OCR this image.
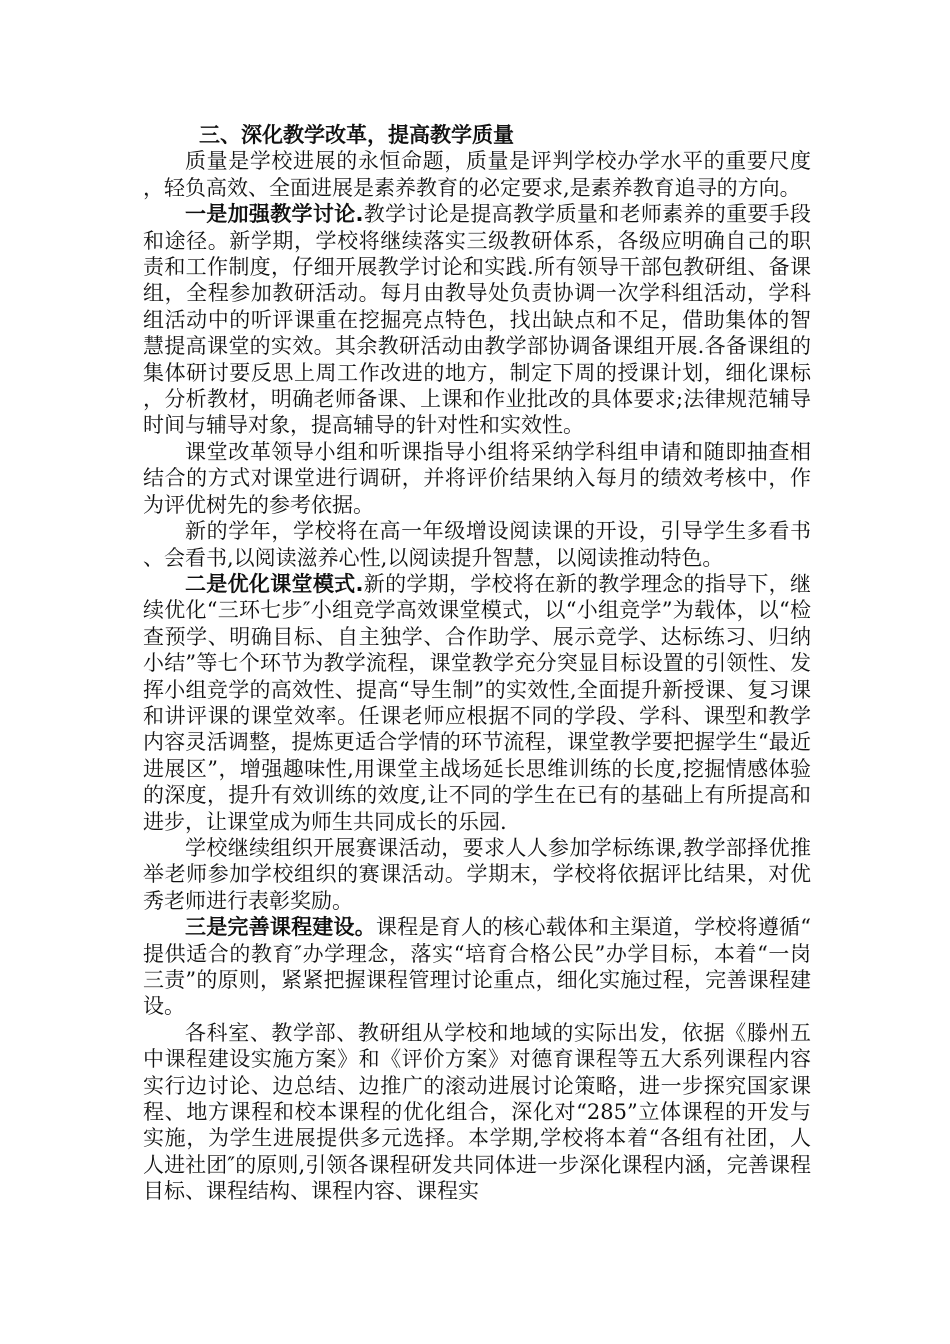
三、深化教学改革，提高教学质量

质量是学校进展的永恒命题，质量是评判学校办学水平的重要尺度，轻负高效、全面进展是素养教育的必定要求,是素养教育追寻的方向。

一是加强教学讨论.教学讨论是提高教学质量和老师素养的重要手段和途径。新学期，学校将继续落实三级教研体系，各级应明确自己的职责和工作制度，仔细开展教学讨论和实践.所有领导干部包教研组、备课组，全程参加教研活动。每月由教导处负责协调一次学科组活动，学科组活动中的听评课重在挖掘亮点特色，找出缺点和不足，借助集体的智慧提高课堂的实效。其余教研活动由教学部协调备课组开展.各备课组的集体研讨要反思上周工作改进的地方，制定下周的授课计划，细化课标，分析教材，明确老师备课、上课和作业批改的具体要求;法律规范辅导时间与辅导对象，提高辅导的针对性和实效性。

课堂改革领导小组和听课指导小组将采纳学科组申请和随即抽查相结合的方式对课堂进行调研，并将评价结果纳入每月的绩效考核中，作为评优树先的参考依据。

新的学年，学校将在高一年级增设阅读课的开设，引导学生多看书、会看书,以阅读滋养心性,以阅读提升智慧，以阅读推动特色。

二是优化课堂模式.新的学期，学校将在新的教学理念的指导下，继续优化“三环七步″小组竞学高效课堂模式，以“小组竞学”为载体，以“检查预学、明确目标、自主独学、合作助学、展示竞学、达标练习、归纳小结”等七个环节为教学流程，课堂教学充分突显目标设置的引领性、发挥小组竞学的高效性、提高“导生制”的实效性,全面提升新授课、复习课和讲评课的课堂效率。任课老师应根据不同的学段、学科、课型和教学内容灵活调整，提炼更适合学情的环节流程，课堂教学要把握学生“最近进展区”，增强趣味性,用课堂主战场延长思维训练的长度,挖掘情感体验的深度，提升有效训练的效度,让不同的学生在已有的基础上有所提高和进步，让课堂成为师生共同成长的乐园.

学校继续组织开展赛课活动，要求人人参加学标练课,教学部择优推举老师参加学校组织的赛课活动。学期末，学校将依据评比结果，对优秀老师进行表彰奖励。

三是完善课程建设。课程是育人的核心载体和主渠道，学校将遵循“提供适合的教育″办学理念，落实“培育合格公民”办学目标，本着“一岗三责”的原则，紧紧把握课程管理讨论重点，细化实施过程，完善课程建设。

各科室、教学部、教研组从学校和地域的实际出发，依据《滕州五中课程建设实施方案》和《评价方案》对德育课程等五大系列课程内容实行边讨论、边总结、边推广的滚动进展讨论策略，进一步探究国家课程、地方课程和校本课程的优化组合，深化对“285”立体课程的开发与实施，为学生进展提供多元选择。本学期,学校将本着“各组有社团，人人进社团″的原则,引领各课程研发共同体进一步深化课程内涵，完善课程目标、课程结构、课程内容、课程实
